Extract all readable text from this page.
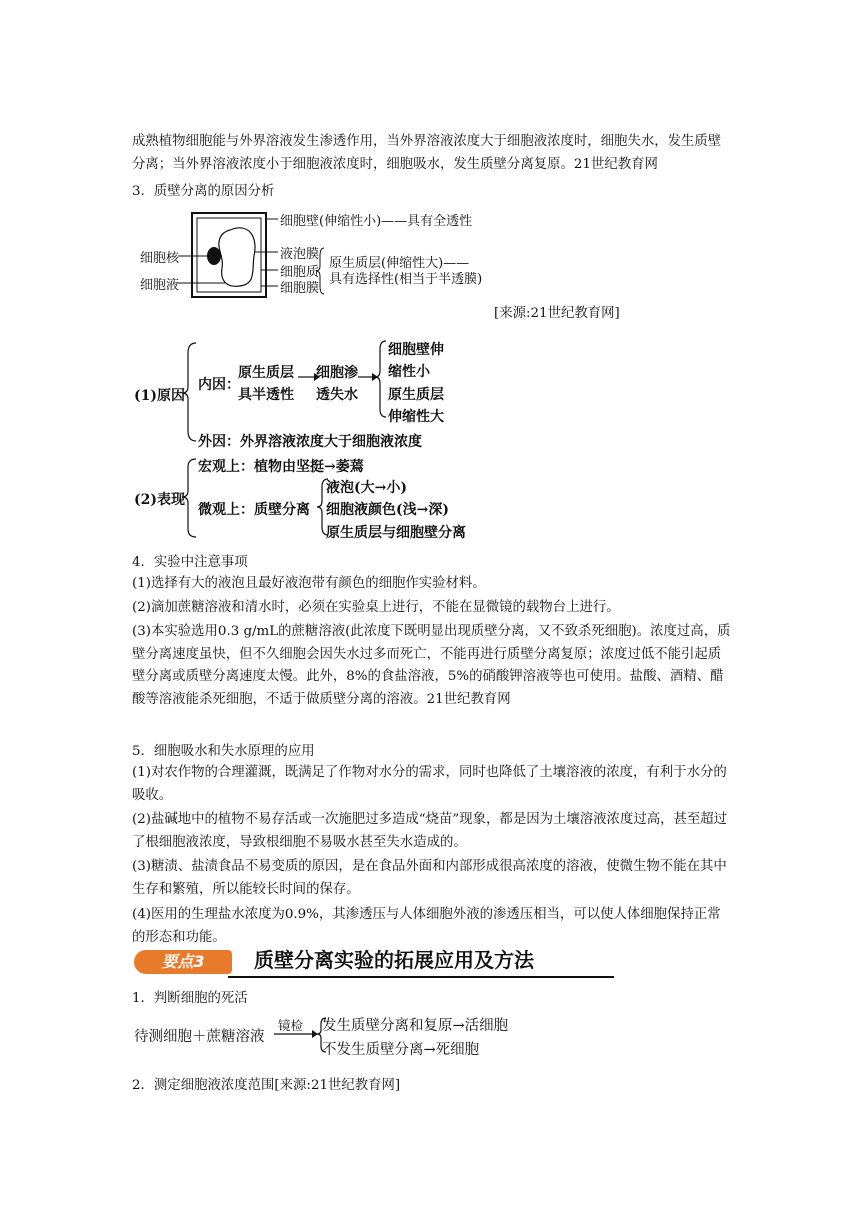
成熟植物细胞能与外界溶液发生渗透作用，当外界溶液浓度大于细胞液浓度时，细胞失水，发生质壁分离；当外界溶液浓度小于细胞液浓度时，细胞吸水，发生质壁分离复原。21世纪教育网
3．质壁分离的原因分析
细胞壁(伸缩性小)——具有全透性
液泡膜
细胞质
细胞膜
原生质层(伸缩性大)——
具有选择性(相当于半透膜)
细胞核
细胞液
[来源:21世纪教育网]
(1)原因
内因：
原生质层
具半透性
细胞渗
透失水
细胞壁伸
缩性小
原生质层
伸缩性大
外因：外界溶液浓度大于细胞液浓度
(2)表现
宏观上：植物由坚挺→萎蔫
微观上：质壁分离
液泡(大→小)
细胞液颜色(浅→深)
原生质层与细胞壁分离
4．实验中注意事项
(1)选择有大的液泡且最好液泡带有颜色的细胞作实验材料。
(2)滴加蔗糖溶液和清水时，必须在实验桌上进行，不能在显微镜的载物台上进行。
(3)本实验选用0.3 g/mL的蔗糖溶液(此浓度下既明显出现质壁分离，又不致杀死细胞)。浓度过高，质壁分离速度虽快，但不久细胞会因失水过多而死亡，不能再进行质壁分离复原；浓度过低不能引起质壁分离或质壁分离速度太慢。此外，8%的食盐溶液，5%的硝酸钾溶液等也可使用。盐酸、酒精、醋酸等溶液能杀死细胞，不适于做质壁分离的溶液。21世纪教育网
5．细胞吸水和失水原理的应用
(1)对农作物的合理灌溉，既满足了作物对水分的需求，同时也降低了土壤溶液的浓度，有利于水分的吸收。
(2)盐碱地中的植物不易存活或一次施肥过多造成“烧苗”现象，都是因为土壤溶液浓度过高，甚至超过了根细胞液浓度，导致根细胞不易吸水甚至失水造成的。
(3)糖渍、盐渍食品不易变质的原因，是在食品外面和内部形成很高浓度的溶液，使微生物不能在其中生存和繁殖，所以能较长时间的保存。
(4)医用的生理盐水浓度为0.9%，其渗透压与人体细胞外液的渗透压相当，可以使人体细胞保持正常的形态和功能。
要点3	质壁分离实验的拓展应用及方法
1．判断细胞的死活
待测细胞＋蔗糖溶液
镜检 发生质壁分离和复原→活细胞
不发生质壁分离→死细胞
2．测定细胞液浓度范围[来源:21世纪教育网]
